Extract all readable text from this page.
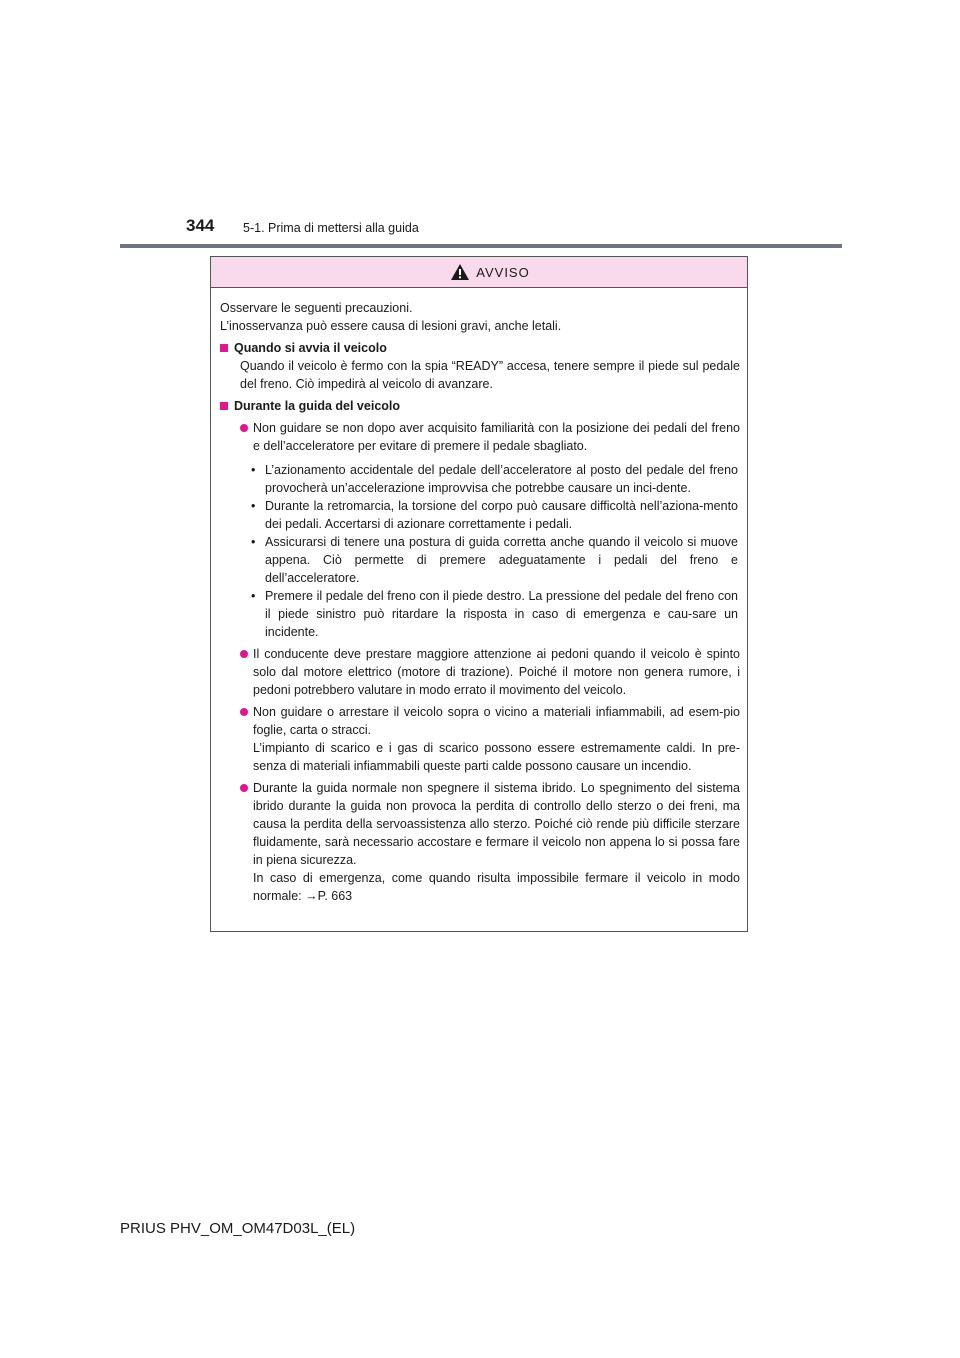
344 5-1. Prima di mettersi alla guida
AVVISO

Osservare le seguenti precauzioni.
L’inosservanza può essere causa di lesioni gravi, anche letali.

Quando si avvia il veicolo

Quando il veicolo è fermo con la spia “READY” accesa, tenere sempre il piede sul pedale del freno. Ciò impedirà al veicolo di avanzare.

Durante la guida del veicolo
Non guidare se non dopo aver acquisito familiarità con la posizione dei pedali del freno e dell’acceleratore per evitare di premere il pedale sbagliato.
• L’azionamento accidentale del pedale dell’acceleratore al posto del pedale del freno provocherà un’accelerazione improvvisa che potrebbe causare un inci-dente.
• Durante la retromarcia, la torsione del corpo può causare difficoltà nell’aziona-mento dei pedali. Accertarsi di azionare correttamente i pedali.
• Assicurarsi di tenere una postura di guida corretta anche quando il veicolo si muove appena. Ciò permette di premere adeguatamente i pedali del freno e dell’acceleratore.
• Premere il pedale del freno con il piede destro. La pressione del pedale del freno con il piede sinistro può ritardare la risposta in caso di emergenza e cau-sare un incidente.
Il conducente deve prestare maggiore attenzione ai pedoni quando il veicolo è spinto solo dal motore elettrico (motore di trazione). Poiché il motore non genera rumore, i pedoni potrebbero valutare in modo errato il movimento del veicolo.
Non guidare o arrestare il veicolo sopra o vicino a materiali infiammabili, ad esem-pio foglie, carta o stracci.
L’impianto di scarico e i gas di scarico possono essere estremamente caldi. In pre-senza di materiali infiammabili queste parti calde possono causare un incendio.
Durante la guida normale non spegnere il sistema ibrido. Lo spegnimento del sistema ibrido durante la guida non provoca la perdita di controllo dello sterzo o dei freni, ma causa la perdita della servoassistenza allo sterzo. Poiché ciò rende più difficile sterzare fluidamente, sarà necessario accostare e fermare il veicolo non appena lo si possa fare in piena sicurezza.
In caso di emergenza, come quando risulta impossibile fermare il veicolo in modo normale: →P. 663
PRIUS PHV_OM_OM47D03L_(EL)
